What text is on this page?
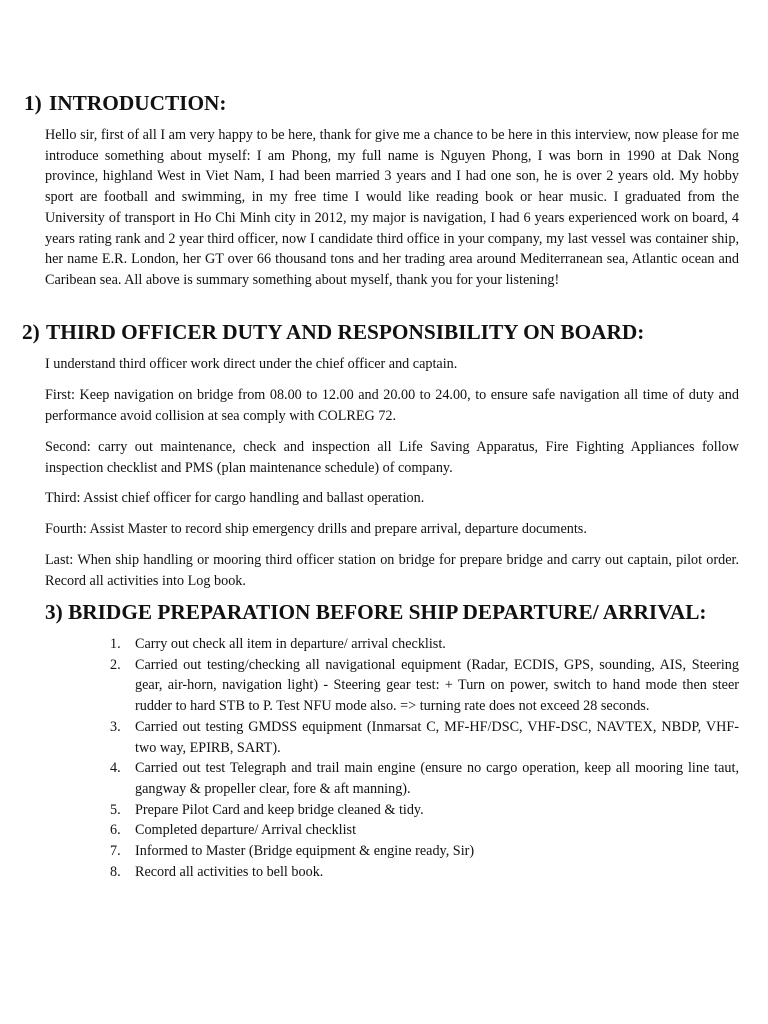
1) INTRODUCTION:

Hello sir, first of all I am very happy to be here, thank for give me a chance to be here in this interview, now please for me introduce something about myself: I am Phong, my full name is Nguyen Phong, I was born in 1990 at Dak Nong province, highland West in Viet Nam, I had been married 3 years and I had one son, he is over 2 years old. My hobby sport are football and swimming, in my free time I would like reading book or hear music. I graduated from the University of transport in Ho Chi Minh city in 2012, my major is navigation, I had 6 years experienced work on board, 4 years rating rank and 2 year third officer, now I candidate third office in your company, my last vessel was container ship, her name E.R. London, her GT over 66 thousand tons and her trading area around Mediterranean sea, Atlantic ocean and Caribean sea. All above is summary something about myself, thank you for your listening!

2) THIRD OFFICER DUTY AND RESPONSIBILITY ON BOARD:

I understand third officer work direct under the chief officer and captain.

First: Keep navigation on bridge from 08.00 to 12.00 and 20.00 to 24.00, to ensure safe navigation all time of duty and performance avoid collision at sea comply with COLREG 72.

Second: carry out maintenance, check and inspection all Life Saving Apparatus, Fire Fighting Appliances follow inspection checklist and PMS (plan maintenance schedule) of company.

Third: Assist chief officer for cargo handling and ballast operation.

Fourth: Assist Master to record ship emergency drills and prepare arrival, departure documents.

Last: When ship handling or mooring third officer station on bridge for prepare bridge and carry out captain, pilot order. Record all activities into Log book.

3) BRIDGE PREPARATION BEFORE SHIP DEPARTURE/ ARRIVAL:
1. Carry out check all item in departure/ arrival checklist.
2. Carried out testing/checking all navigational equipment (Radar, ECDIS, GPS, sounding, AIS, Steering gear, air-horn, navigation light) - Steering gear test: + Turn on power, switch to hand mode then steer rudder to hard STB to P. Test NFU mode also. => turning rate does not exceed 28 seconds.
3. Carried out testing GMDSS equipment (Inmarsat C, MF-HF/DSC, VHF-DSC, NAVTEX, NBDP, VHF- two way, EPIRB, SART).
4. Carried out test Telegraph and trail main engine (ensure no cargo operation, keep all mooring line taut, gangway & propeller clear, fore & aft manning).
5. Prepare Pilot Card and keep bridge cleaned & tidy.
6. Completed departure/ Arrival checklist
7. Informed to Master (Bridge equipment & engine ready, Sir)
8. Record all activities to bell book.
